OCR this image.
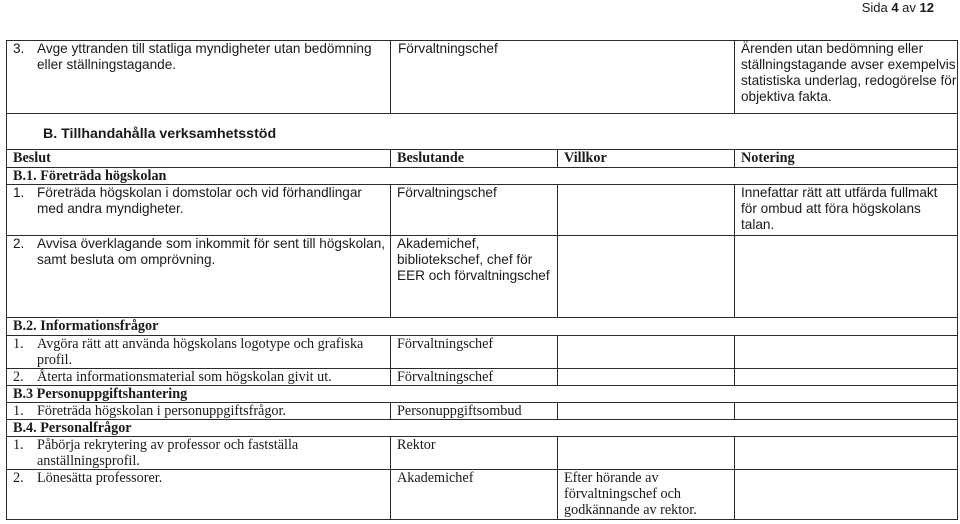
Sida 4 av 12
3. Avge yttranden till statliga myndigheter utan bedömning eller ställningstagande.	Förvaltningschef		Ärenden utan bedömning eller ställningstagande avser exempelvis statistiska underlag, redogörelse för objektiva fakta.
B. Tillhandahålla verksamhetsstöd			
Beslut	Beslutande	Villkor	Notering
B.1. Företräda högskolan			

1. Företräda högskolan i domstolar och vid förhandlingar med andra myndigheter.	Förvaltningschef		Innefattar rätt att utfärda fullmakt för ombud att föra högskolans talan.

2. Avvisa överklagande som inkommit för sent till högskolan, samt besluta om omprövning.	Akademichef, bibliotekschef, chef för EER och förvaltningschef		
B.2. Informationsfrågor			

1. Avgöra rätt att använda högskolans logotype och grafiska profil.	Förvaltningschef		
2. Återta informationsmaterial som högskolan givit ut.	Förvaltningschef		
B.3 Personuppgiftshantering			
1. Företräda högskolan i personuppgiftsfrågor.	Personuppgiftsombud		
B.4. Personalfrågor			

1. Påbörja rekrytering av professor och fastställa anställningsprofil.	Rektor		
2. Lönesätta professorer.	Akademichef	Efter hörande av förvaltningschef och godkännande av rektor.	
